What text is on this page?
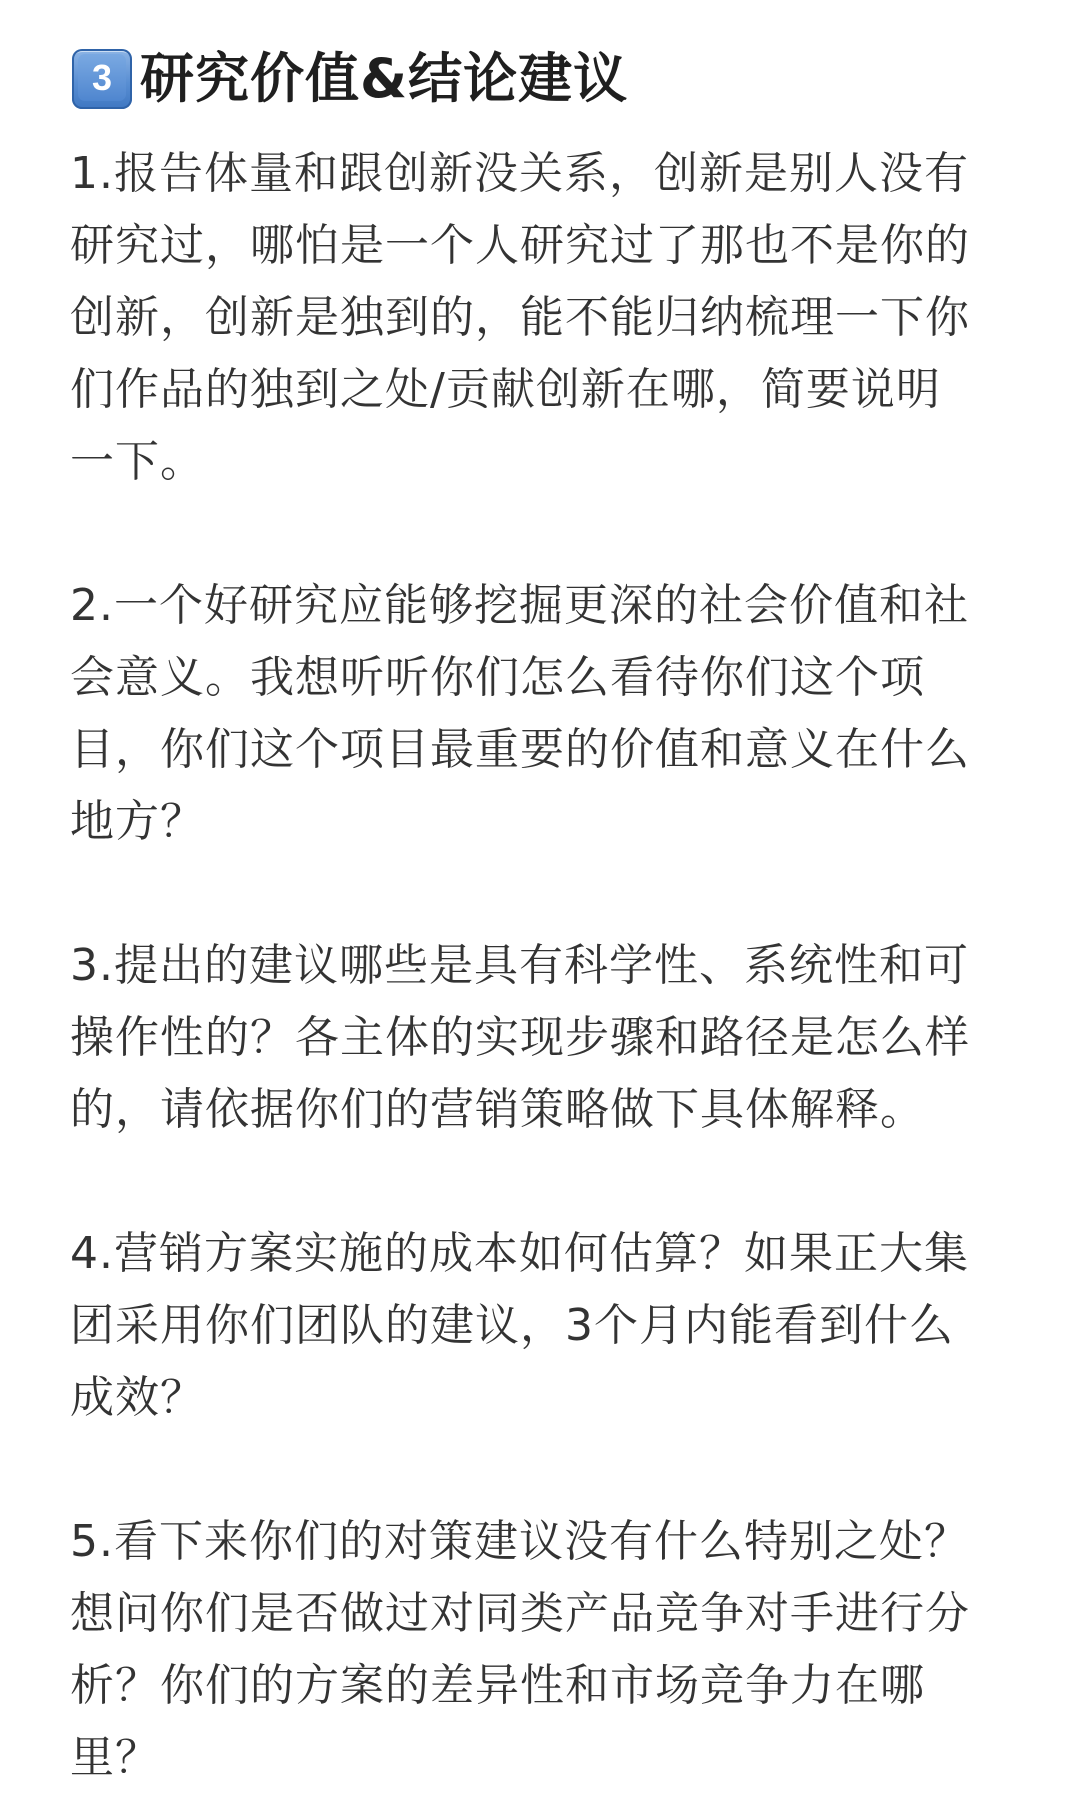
3 研究价值&结论建议
1.报告体量和跟创新没关系，创新是别人没有
研究过，哪怕是一个人研究过了那也不是你的
创新，创新是独到的，能不能归纳梳理一下你
们作品的独到之处/贡献创新在哪，简要说明
一下。
2.一个好研究应能够挖掘更深的社会价值和社
会意义。我想听听你们怎么看待你们这个项
目，你们这个项目最重要的价值和意义在什么
地方？
3.提出的建议哪些是具有科学性、系统性和可
操作性的？各主体的实现步骤和路径是怎么样
的，请依据你们的营销策略做下具体解释。
4.营销方案实施的成本如何估算？如果正大集
团采用你们团队的建议，3个月内能看到什么
成效？
5.看下来你们的对策建议没有什么特别之处？
想问你们是否做过对同类产品竞争对手进行分
析？你们的方案的差异性和市场竞争力在哪
里？
